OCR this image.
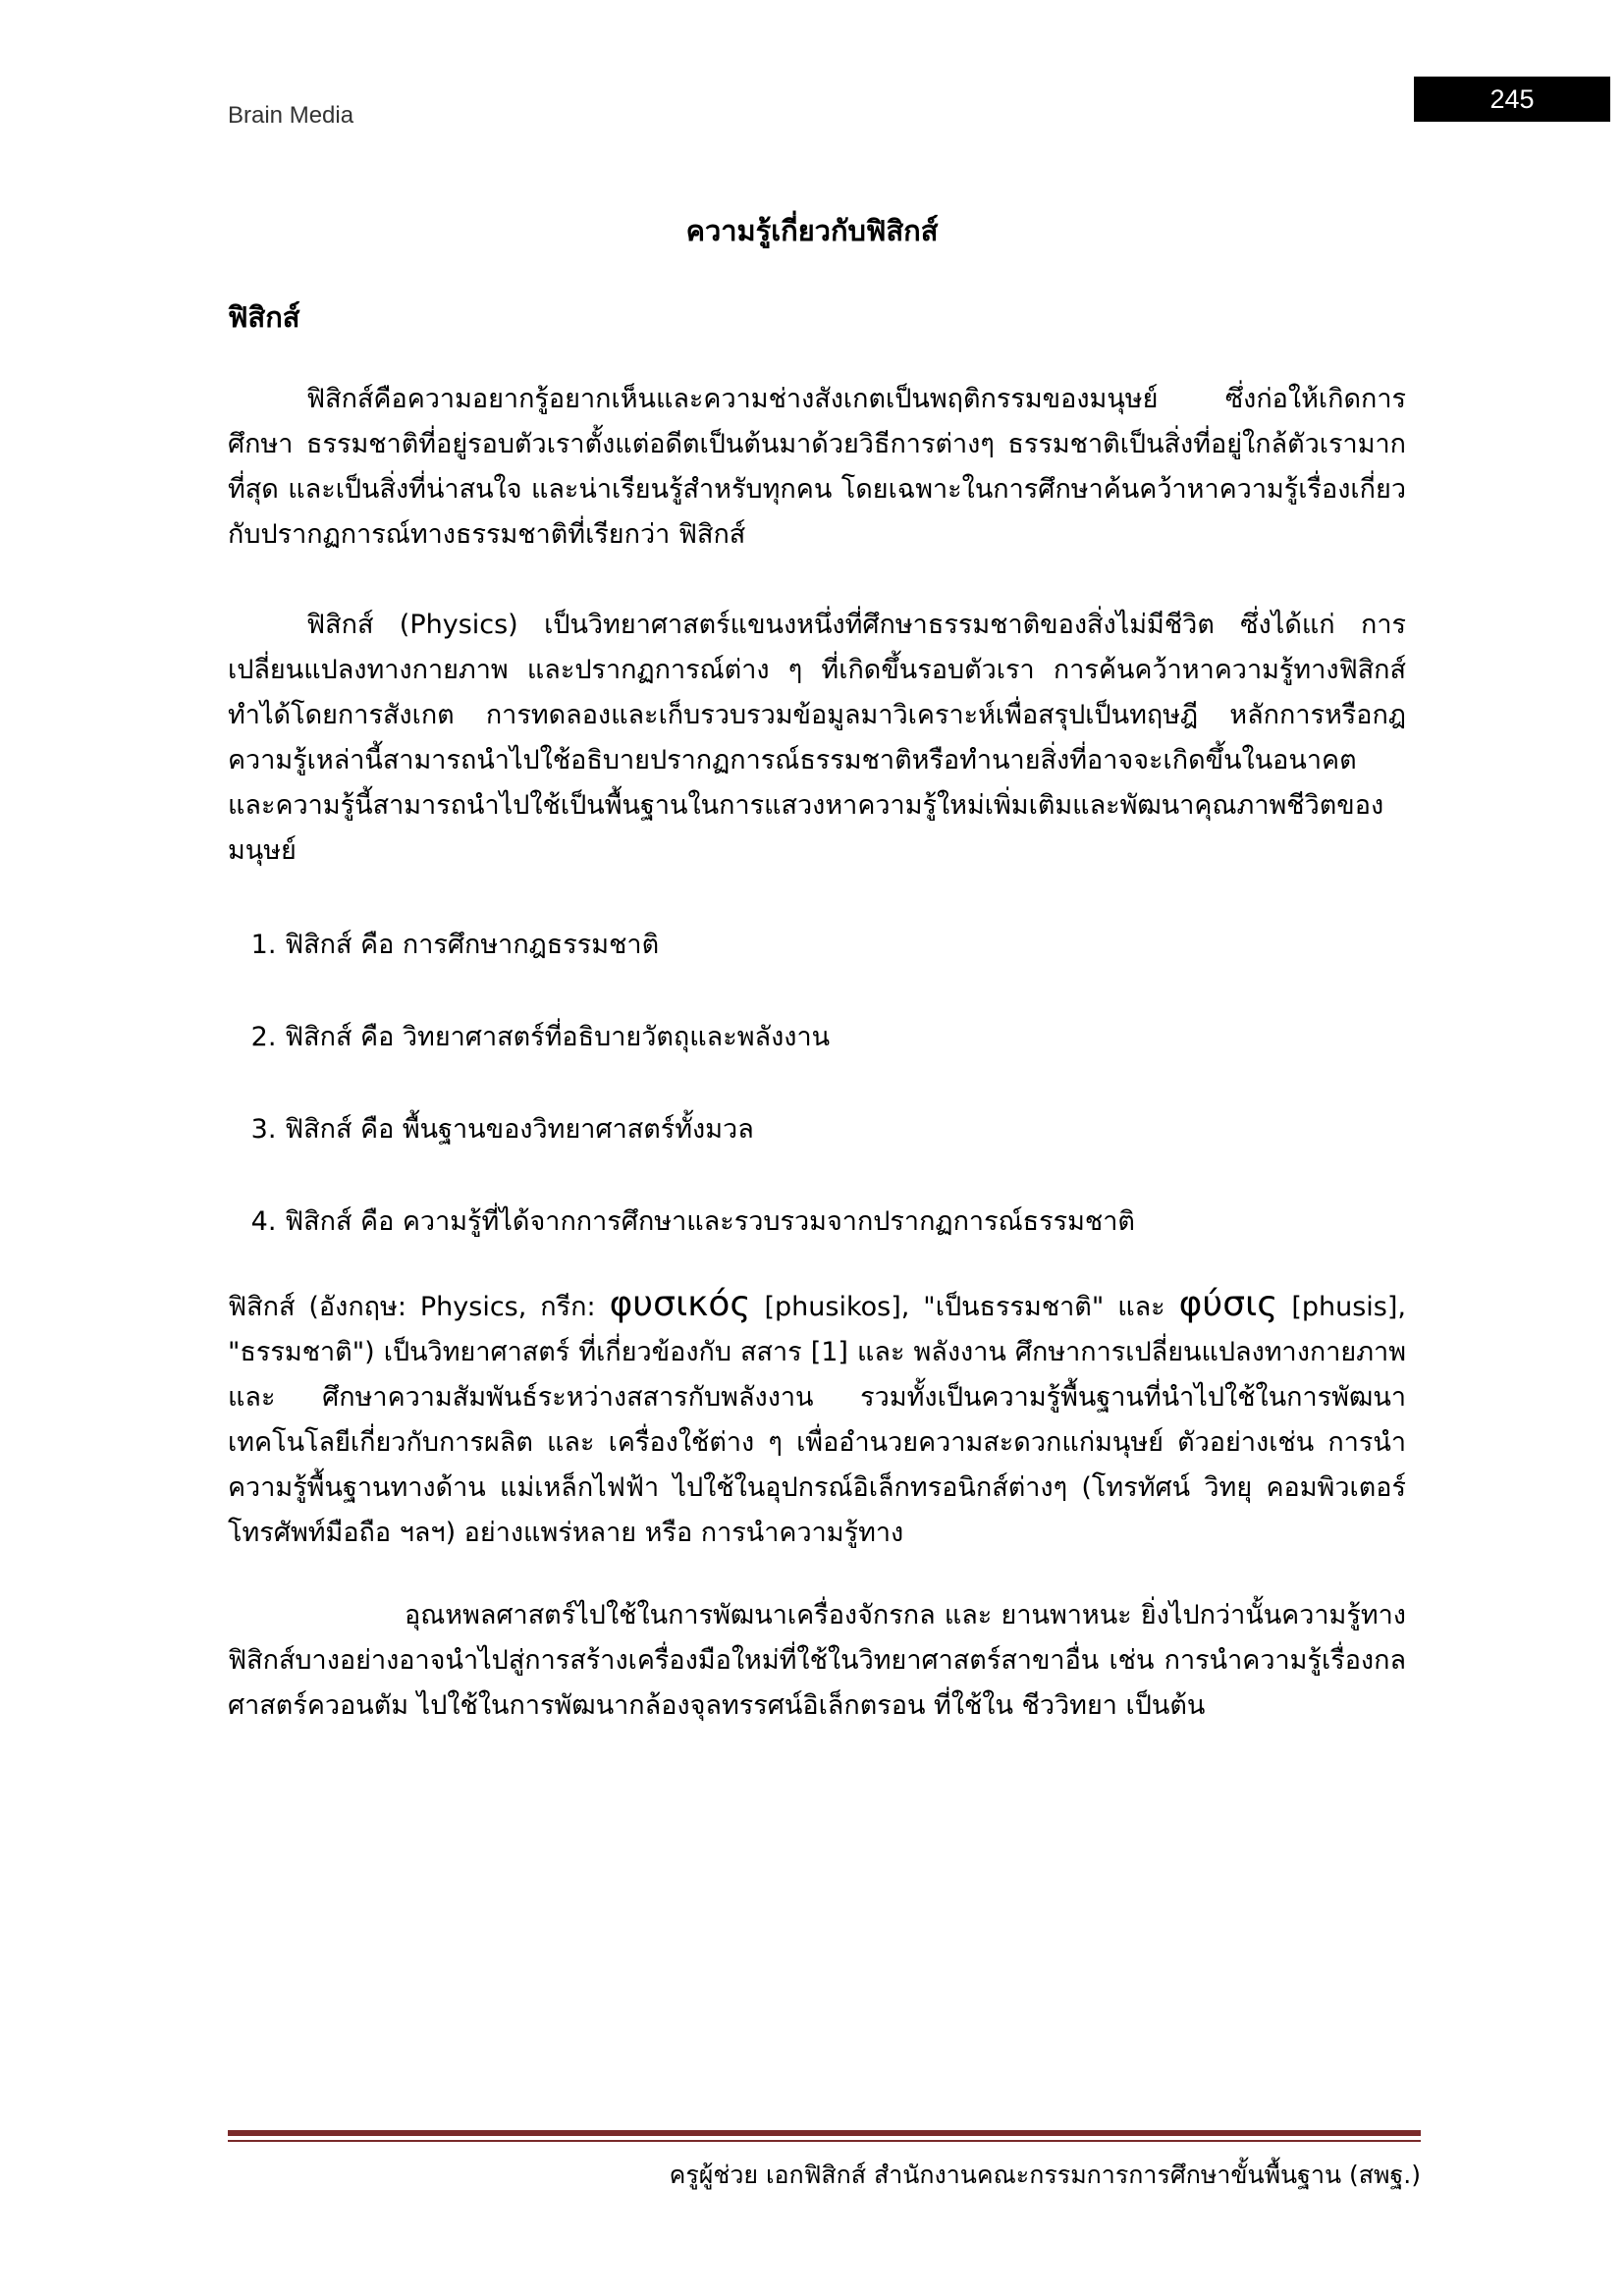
Brain Media
245
ความรู้เกี่ยวกับฟิสิกส์
ฟิสิกส์

ฟิสิกส์คือความอยากรู้อยากเห็นและความช่างสังเกตเป็นพฤติกรรมของมนุษย์ ซึ่งก่อให้เกิดการศึกษา ธรรมชาติที่อยู่รอบตัวเราตั้งแต่อดีตเป็นต้นมาด้วยวิธีการต่างๆ ธรรมชาติเป็นสิ่งที่อยู่ใกล้ตัวเรามากที่สุด และเป็นสิ่งที่น่าสนใจ และน่าเรียนรู้สำหรับทุกคน โดยเฉพาะในการศึกษาค้นคว้าหาความรู้เรื่องเกี่ยวกับปรากฏการณ์ทางธรรมชาติที่เรียกว่า ฟิสิกส์

ฟิสิกส์ (Physics) เป็นวิทยาศาสตร์แขนงหนึ่งที่ศึกษาธรรมชาติของสิ่งไม่มีชีวิต ซึ่งได้แก่ การเปลี่ยนแปลงทางกายภาพ และปรากฏการณ์ต่าง ๆ ที่เกิดขึ้นรอบตัวเรา การค้นคว้าหาความรู้ทางฟิสิกส์ทำได้โดยการสังเกต การทดลองและเก็บรวบรวมข้อมูลมาวิเคราะห์เพื่อสรุปเป็นทฤษฎี หลักการหรือกฎความรู้เหล่านี้สามารถนำไปใช้อธิบายปรากฏการณ์ธรรมชาติหรือทำนายสิ่งที่อาจจะเกิดขึ้นในอนาคต และความรู้นี้สามารถนำไปใช้เป็นพื้นฐานในการแสวงหาความรู้ใหม่เพิ่มเติมและพัฒนาคุณภาพชีวิตของมนุษย์

1. ฟิสิกส์ คือ การศึกษากฎธรรมชาติ
2. ฟิสิกส์ คือ วิทยาศาสตร์ที่อธิบายวัตถุและพลังงาน
3. ฟิสิกส์ คือ พื้นฐานของวิทยาศาสตร์ทั้งมวล
4. ฟิสิกส์ คือ ความรู้ที่ได้จากการศึกษาและรวบรวมจากปรากฏการณ์ธรรมชาติ

ฟิสิกส์ (อังกฤษ: Physics, กรีก: φυσικός [phusikos], "เป็นธรรมชาติ" และ φύσις [phusis], "ธรรมชาติ") เป็นวิทยาศาสตร์ ที่เกี่ยวข้องกับ สสาร [1] และ พลังงาน ศึกษาการเปลี่ยนแปลงทางกายภาพ และ ศึกษาความสัมพันธ์ระหว่างสสารกับพลังงาน รวมทั้งเป็นความรู้พื้นฐานที่นำไปใช้ในการพัฒนาเทคโนโลยีเกี่ยวกับการผลิต และ เครื่องใช้ต่าง ๆ เพื่ออำนวยความสะดวกแก่มนุษย์ ตัวอย่างเช่น การนำความรู้พื้นฐานทางด้าน แม่เหล็กไฟฟ้า ไปใช้ในอุปกรณ์อิเล็กทรอนิกส์ต่างๆ (โทรทัศน์ วิทยุ คอมพิวเตอร์ โทรศัพท์มือถือ ฯลฯ) อย่างแพร่หลาย หรือ การนำความรู้ทาง

อุณหพลศาสตร์ไปใช้ในการพัฒนาเครื่องจักรกล และ ยานพาหนะ ยิ่งไปกว่านั้นความรู้ทางฟิสิกส์บางอย่างอาจนำไปสู่การสร้างเครื่องมือใหม่ที่ใช้ในวิทยาศาสตร์สาขาอื่น เช่น การนำความรู้เรื่องกลศาสตร์ควอนตัม ไปใช้ในการพัฒนากล้องจุลทรรศน์อิเล็กตรอน ที่ใช้ใน ชีววิทยา เป็นต้น

ครูผู้ช่วย เอกฟิสิกส์ สำนักงานคณะกรรมการการศึกษาขั้นพื้นฐาน (สพฐ.)
